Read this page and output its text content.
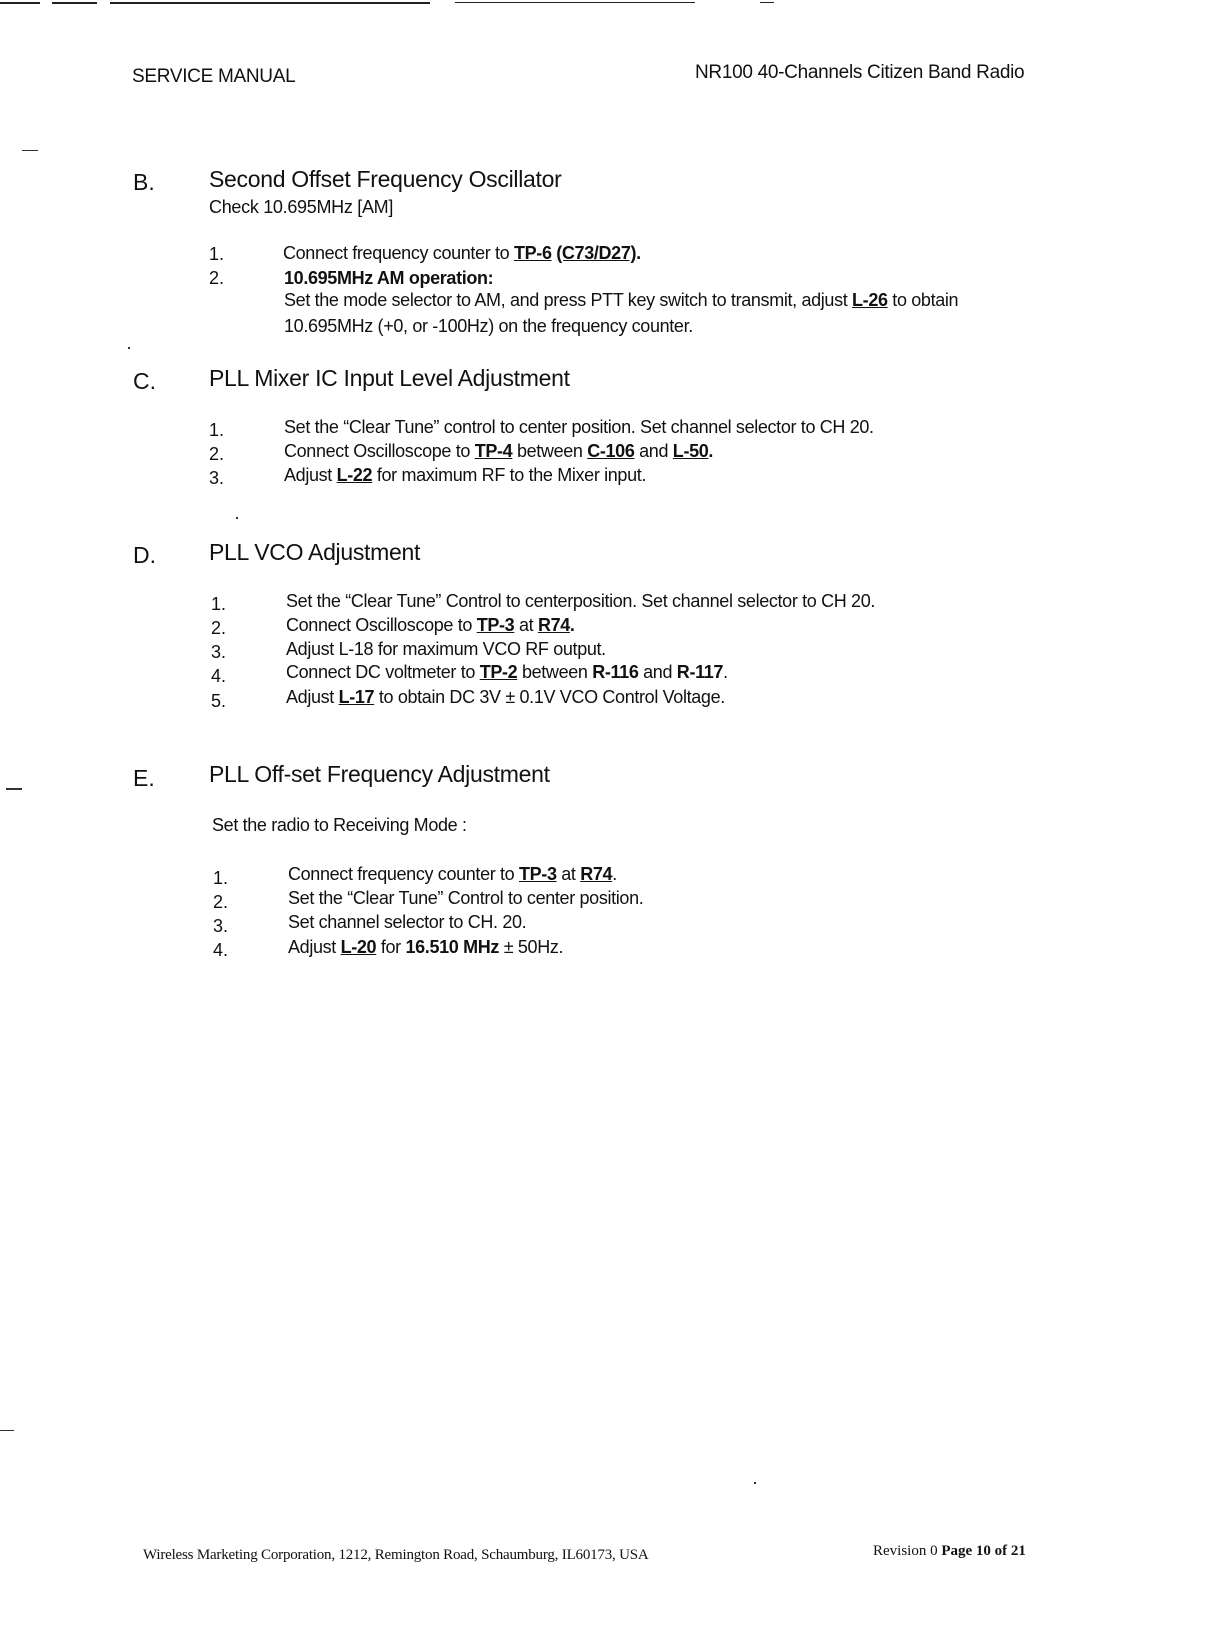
SERVICE MANUAL	NR100 40-Channels Citizen Band Radio
B. Second Offset Frequency Oscillator
Check 10.695MHz [AM]
1.	Connect frequency counter to TP-6 (C73/D27).
2.	10.695MHz AM operation:
Set the mode selector to AM, and press PTT key switch to transmit, adjust L-26 to obtain
10.695MHz (+0, or -100Hz) on the frequency counter.
C. PLL Mixer IC Input Level Adjustment
1.	Set the “Clear Tune” control to center position. Set channel selector to CH 20.
2.	Connect Oscilloscope to TP-4 between C-106 and L-50.
3.	Adjust L-22 for maximum RF to the Mixer input.
D. PLL VCO Adjustment
1.	Set the “Clear Tune” Control to centerposition. Set channel selector to CH 20.
2.	Connect Oscilloscope to TP-3 at R74.
3.	Adjust L-18 for maximum VCO RF output.
4.	Connect DC voltmeter to TP-2 between R-116 and R-117.
5.	Adjust L-17 to obtain DC 3V ± 0.1V VCO Control Voltage.
E. PLL Off-set Frequency Adjustment
Set the radio to Receiving Mode :
1.	Connect frequency counter to TP-3 at R74.
2.	Set the “Clear Tune” Control to center position.
3.	Set channel selector to CH. 20.
4.	Adjust L-20 for 16.510 MHz ± 50Hz.
Wireless Marketing Corporation, 1212, Remington Road, Schaumburg, IL60173, USA	Revision 0 Page 10 of 21
